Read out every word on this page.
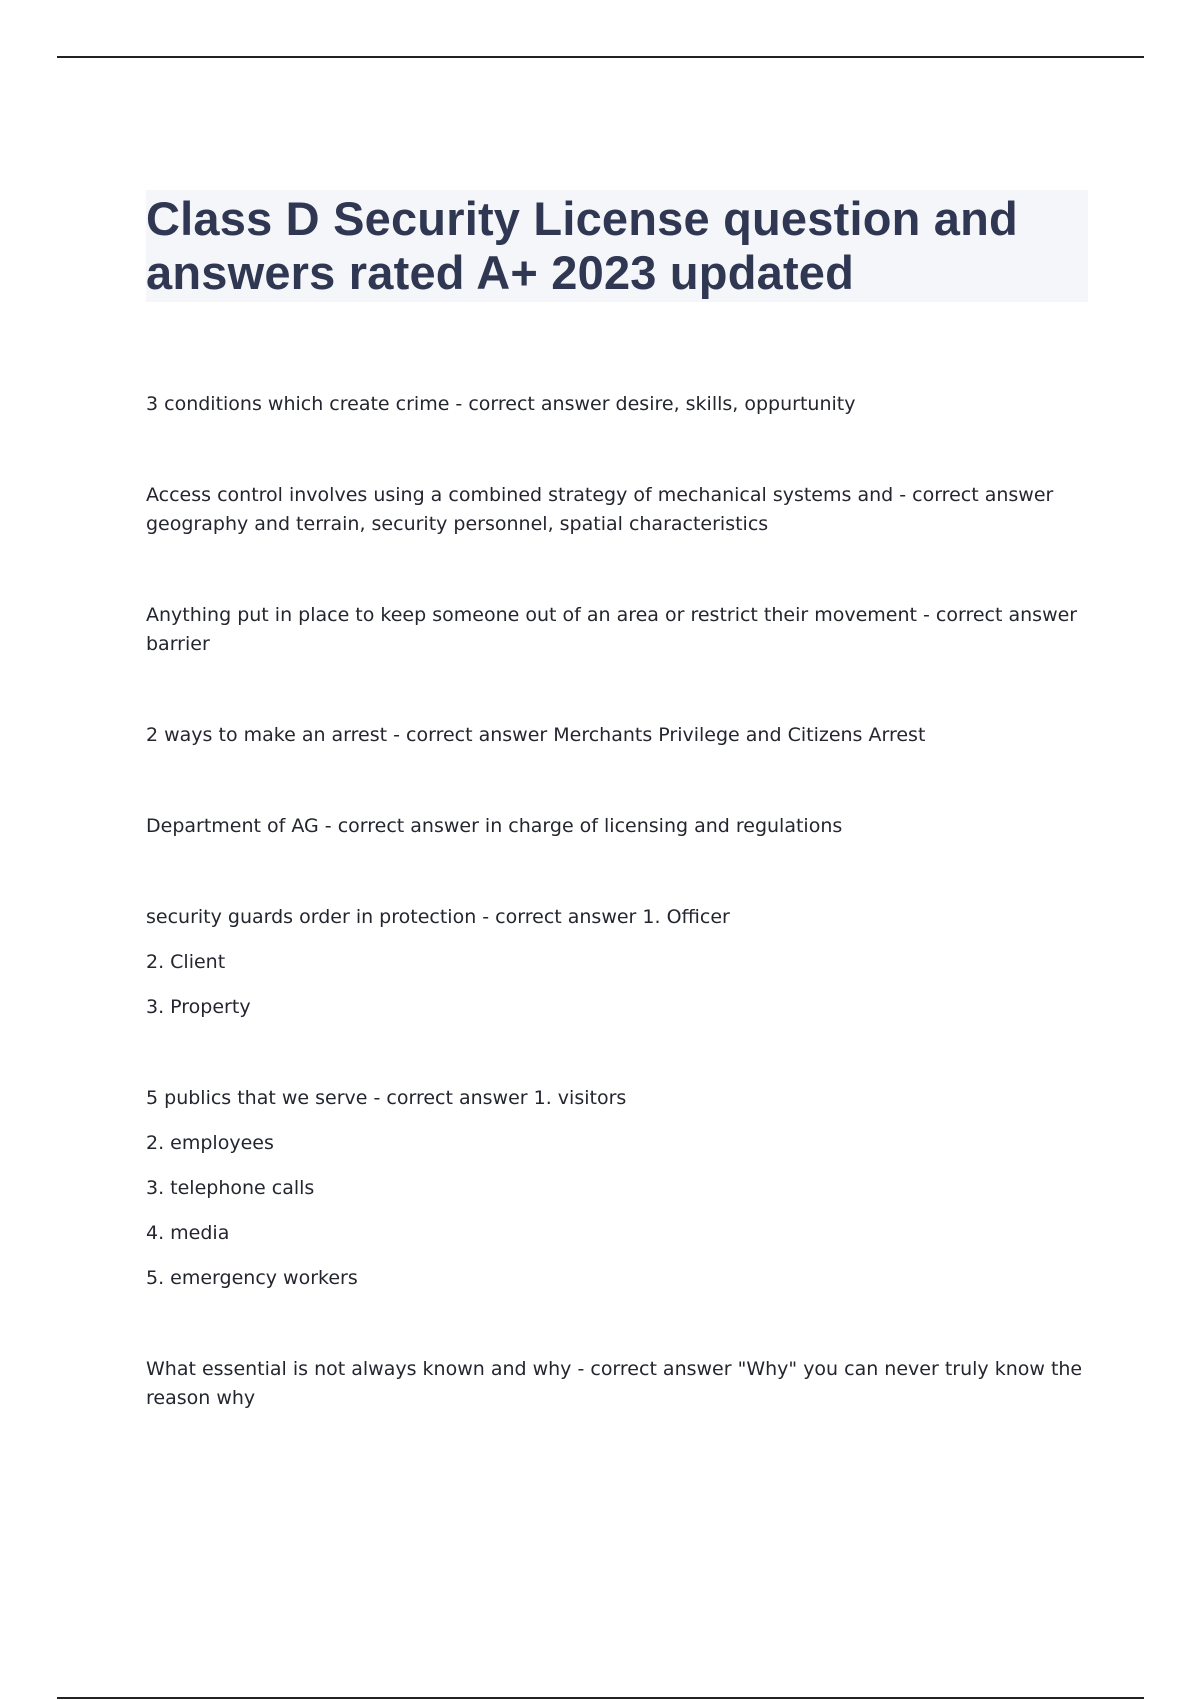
Class D Security License question and
answers rated A+ 2023 updated

3 conditions which create crime - correct answer desire, skills, oppurtunity

Access control involves using a combined strategy of mechanical systems and - correct answer geography and terrain, security personnel, spatial characteristics

Anything put in place to keep someone out of an area or restrict their movement - correct answer barrier

2 ways to make an arrest - correct answer Merchants Privilege and Citizens Arrest

Department of AG - correct answer in charge of licensing and regulations

security guards order in protection - correct answer 1. Officer

2. Client

3. Property

5 publics that we serve - correct answer 1. visitors

2. employees

3. telephone calls

4. media

5. emergency workers

What essential is not always known and why - correct answer "Why" you can never truly know the reason why
